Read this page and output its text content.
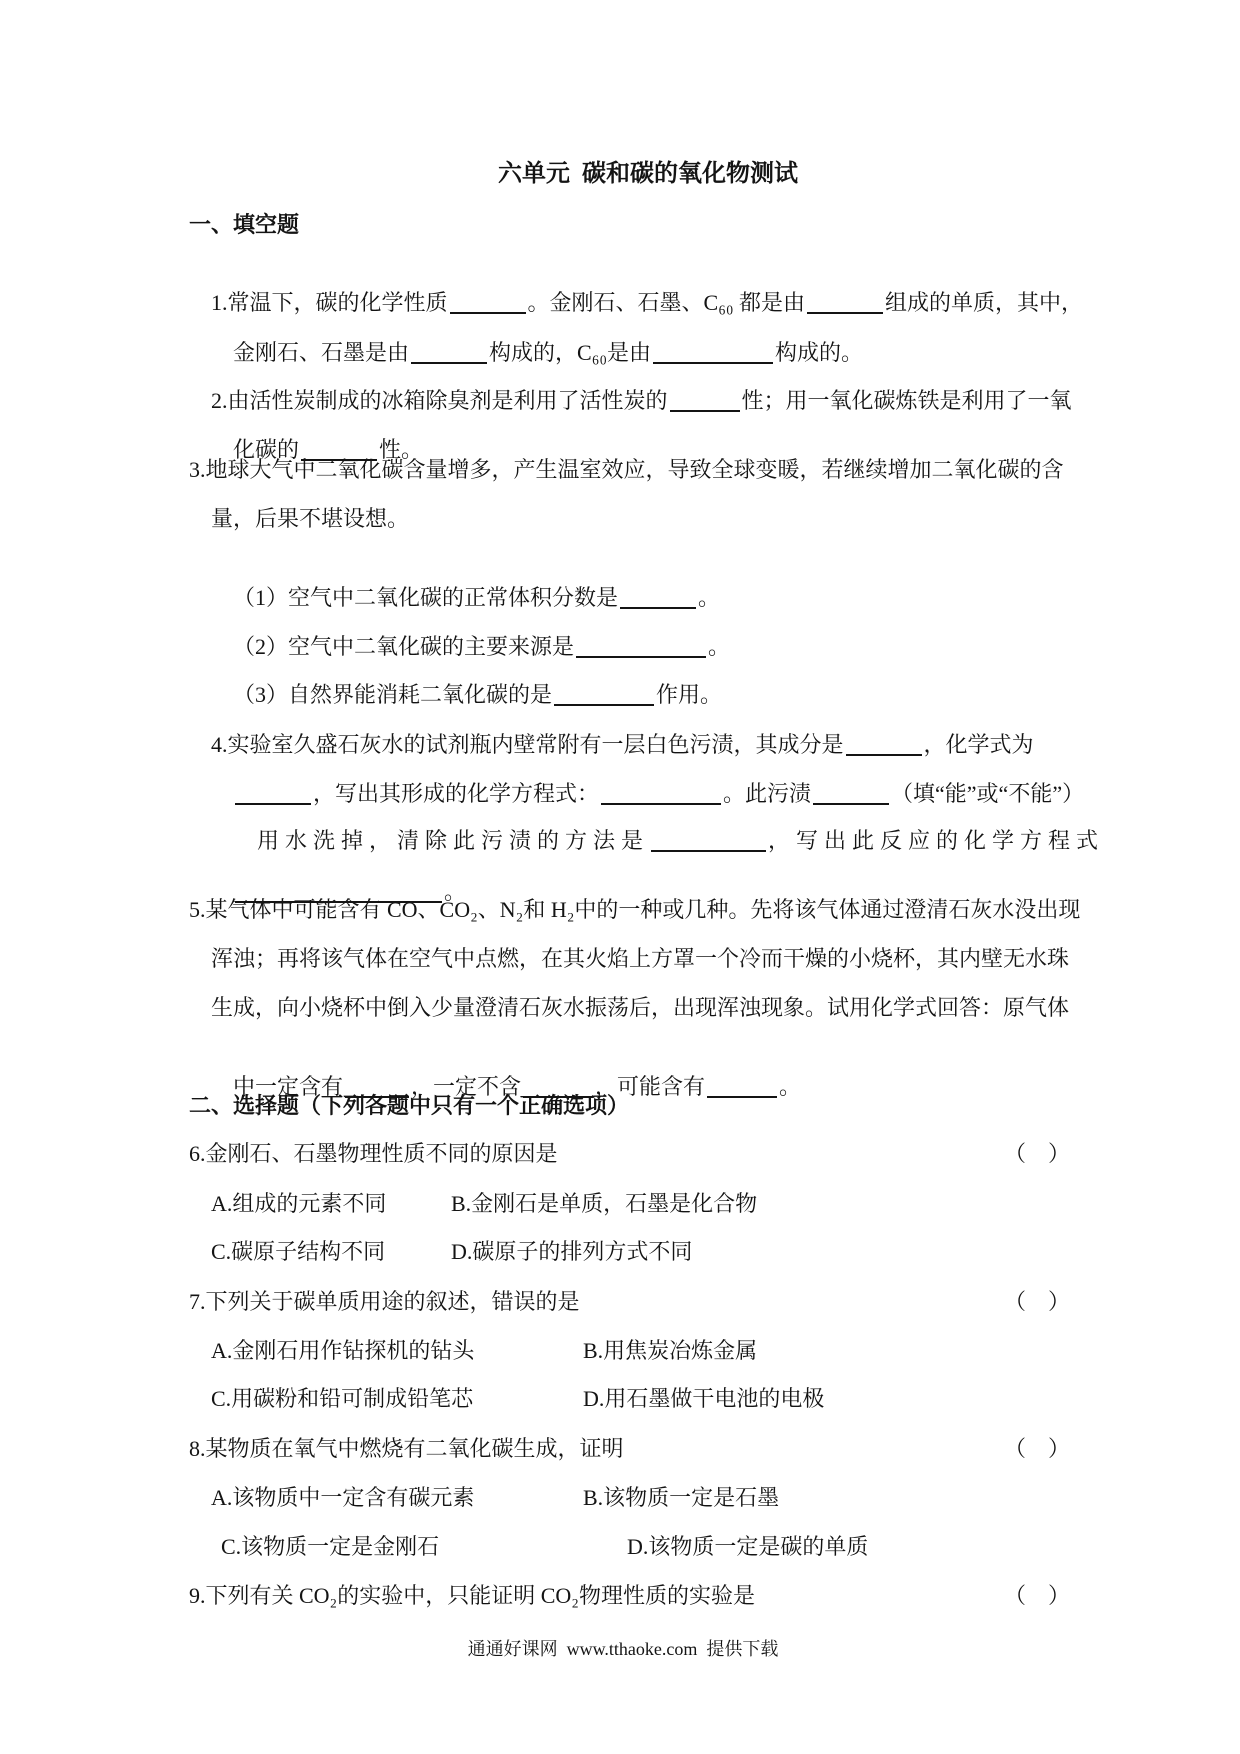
六单元  碳和碳的氧化物测试
一、填空题

1.常温下，碳的化学性质	。金刚石、石墨、C₆₀ 都是由	组成的单质，其中，

金刚石、石墨是由	构成的，C₆₀是由	构成的。

2.由活性炭制成的冰箱除臭剂是利用了活性炭的	性；用一氧化碳炼铁是利用了一氧

化碳的	性。

3.地球大气中二氧化碳含量增多，产生温室效应，导致全球变暖，若继续增加二氧化碳的含
量，后果不堪设想。

（1）空气中二氧化碳的正常体积分数是	。

（2）空气中二氧化碳的主要来源是	。

（3）自然界能消耗二氧化碳的是	作用。

4.实验室久盛石灰水的试剂瓶内壁常附有一层白色污渍，其成分是	，化学式为

，写出其形成的化学方程式：	。此污渍	（填“能”或“不能”）

用水洗掉，清除此污渍的方法是	，写出此反应的化学方程式

。

5.某气体中可能含有 CO、CO₂、N₂和 H₂中的一种或几种。先将该气体通过澄清石灰水没出现
浑浊；再将该气体在空气中点燃，在其火焰上方罩一个冷而干燥的小烧杯，其内壁无水珠
生成，向小烧杯中倒入少量澄清石灰水振荡后，出现浑浊现象。试用化学式回答：原气体

中一定含有	，一定不含	，可能含有	。

二、选择题（下列各题中只有一个正确选项）
6.金刚石、石墨物理性质不同的原因是	（    ）
A.组成的元素不同	B.金刚石是单质，石墨是化合物
C.碳原子结构不同	D.碳原子的排列方式不同
7.下列关于碳单质用途的叙述，错误的是	（    ）
A.金刚石用作钻探机的钻头	B.用焦炭冶炼金属
C.用碳粉和铅可制成铅笔芯	D.用石墨做干电池的电极
8.某物质在氧气中燃烧有二氧化碳生成，证明	（    ）
A.该物质中一定含有碳元素	B.该物质一定是石墨
C.该物质一定是金刚石	D.该物质一定是碳的单质
9.下列有关 CO₂的实验中，只能证明 CO₂物理性质的实验是	（    ）
通通好课网  www.tthaoke.com  提供下载
